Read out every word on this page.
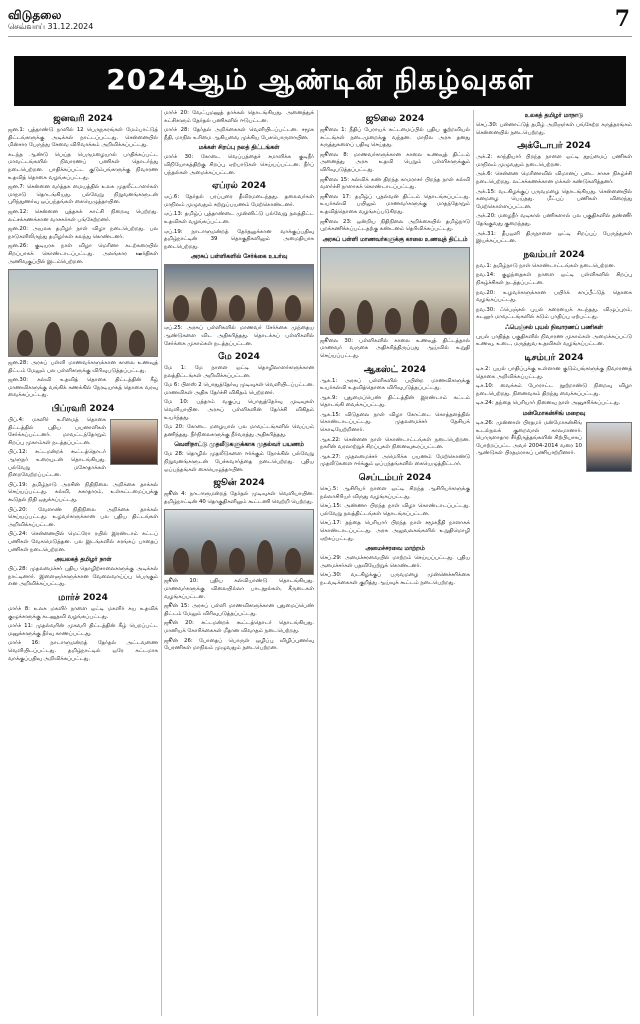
விடுதலை
செவ்வாய் 31.12.2024	7
2024ஆம் ஆண்டின் நிகழ்வுகள்
ஜனவரி 2024

ஜன.1: புத்தாண்டு நாளில் 12 பெருநகரங்கள் மேம்பாட்டுத் திட்டங்களுக்கு அடிக்கல் நாட்டப்பட்டது. சென்னையில் மின்சார பேருந்து சேவை விரிவாக்கம் அறிவிக்கப்பட்டது.

கடந்த ஆண்டு பெய்த பெருமழையால் பாதிக்கப்பட்ட மாவட்டங்களில் நிவாரணப் பணிகள் தொடர்ந்து நடைபெற்றன. பாதிக்கப்பட்ட குடும்பங்களுக்கு நிவாரண உதவித் தொகை வழங்கப்பட்டது.

ஜன.7: சென்னை வர்த்தக மையத்தில் உலக முதலீட்டாளர்கள் மாநாடு தொடங்கியது. பல்வேறு நிறுவனங்களுடன் புரிந்துணர்வு ஒப்பந்தங்கள் கையெழுத்தாயின.

ஜன.12: சென்னை புத்தகக் காட்சி நிறைவு பெற்றது. லட்சக்கணக்கான வாசகர்கள் பங்கேற்றனர்.

ஜன.20: அயலக தமிழர் நாள் விழா நடைபெற்றது. பல நாடுகளிலிருந்து தமிழர்கள் கலந்து கொண்டனர்.

ஜன.26: குடியரசு நாள் விழா மெரினா கடற்கரையில் சிறப்பாகக் கொண்டாடப்பட்டது. அலங்கார ஊர்திகள் அணிவகுப்பில் இடம்பெற்றன.

ஜன.28: அரசுப் பள்ளி மாணவர்களுக்கான காலை உணவுத் திட்டம் மேலும் பல பள்ளிகளுக்கு விரிவுபடுத்தப்பட்டது.

ஜன.30: கல்வி உதவித் தொகை திட்டத்தின் கீழ் மாணவிகளுக்கு வங்கிக் கணக்கில் நேரடியாகத் தொகை வரவு வைக்கப்பட்டது.

பிப்ரவரி 2024

பிப்.4: மகளிர் உரிமைத் தொகை திட்டத்தில் புதிய பயனாளிகள் சேர்க்கப்பட்டனர். மாவட்டந்தோறும் சிறப்பு முகாம்கள் நடத்தப்பட்டன.

பிப்.12: சட்டமன்றக் கூட்டத்தொடர் ஆளுநர் உரையுடன் தொடங்கியது. பல்வேறு மசோதாக்கள் நிறைவேற்றப்பட்டன.

பிப்.19: தமிழ்நாடு அரசின் நிதிநிலை அறிக்கை தாக்கல் செய்யப்பட்டது. கல்வி, சுகாதாரம், உள்கட்டமைப்புக்கு கூடுதல் நிதி ஒதுக்கப்பட்டது.

பிப்.20: வேளாண் நிதிநிலை அறிக்கை தாக்கல் செய்யப்பட்டது. உழவர்களுக்கான பல புதிய திட்டங்கள் அறிவிக்கப்பட்டன.

பிப்.24: சென்னையில் மெட்ரோ ரயில் இரண்டாம் கட்டப் பணிகள் வேகமெடுத்தன. பல இடங்களில் சுரங்கப் பாதைப் பணிகள் நடைபெற்றன.

அயலகத் தமிழர் நாள்

பிப்.28: முதலமைச்சர் புதிய தொழிற்சாலைகளுக்கு அடிக்கல் நாட்டினார். இளைஞர்களுக்கான வேலைவாய்ப்பு பெருகும் என அறிவிக்கப்பட்டது.

மார்ச் 2024

மார்ச் 8: உலக மகளிர் நாளை ஒட்டி மகளிர் சுய உதவிக் குழுக்களுக்கு கடனுதவி வழங்கப்பட்டது.

மார்ச் 11: முதல்வரின் முகவரி திட்டத்தின் கீழ் பெறப்பட்ட மனுக்களுக்கு தீர்வு காணப்பட்டது.

மார்ச் 16: நாடாளுமன்றத் தேர்தல் அட்டவணை வெளியிடப்பட்டது. தமிழ்நாட்டில் ஒரே கட்டமாக வாக்குப்பதிவு அறிவிக்கப்பட்டது.

மார்ச் 20: வேட்புமனுத் தாக்கல் தொடங்கியது. அனைத்துக் கட்சிகளும் தேர்தல் பணிகளில் ஈடுபட்டன.

மார்ச் 28: தேர்தல் அறிக்கைகள் வெளியிடப்பட்டன. சமூக நீதி, மாநில உரிமை ஆகியவை முக்கிய பேசுபொருளாயின.

மக்கள் சிறப்பு நலத் திட்டங்கள்

மார்ச் 30: கோடை வெப்பத்தைச் சமாளிக்க குடிநீர் விநியோகத்திற்கு சிறப்பு ஏற்பாடுகள் செய்யப்பட்டன. நீர்ப் பந்தல்கள் அமைக்கப்பட்டன.

ஏப்ரல் 2024

ஏப்.6: தேர்தல் பரப்புரை தீவிரமடைந்தது. தலைவர்கள் மாநிலம் முழுவதும் சுற்றுப்பயணம் மேற்கொண்டனர்.

ஏப்.13: தமிழ்ப் புத்தாண்டை முன்னிட்டு பல்வேறு நலத்திட்ட உதவிகள் வழங்கப்பட்டன.

ஏப்.19: நாடாளுமன்றத் தேர்தலுக்கான வாக்குப்பதிவு தமிழ்நாட்டின் 39 தொகுதிகளிலும் அமைதியாக நடைபெற்றது.

அரசுப் பள்ளிகளில் சேர்க்கை உயர்வு

ஏப்.25: அரசுப் பள்ளிகளில் மாணவர் சேர்க்கை முந்தைய ஆண்டுகளை விட அதிகரித்தது. தொடக்கப் பள்ளிகளில் சேர்க்கை முகாம்கள் நடத்தப்பட்டன.

மே 2024

மே 1: மே நாளை ஒட்டி தொழிலாளர்களுக்கான நலத்திட்டங்கள் அறிவிக்கப்பட்டன.

மே 6: பிளஸ் 2 பொதுத்தேர்வு முடிவுகள் வெளியிடப்பட்டன. மாணவிகள் அதிக தேர்ச்சி விகிதம் பெற்றனர்.

மே 10: பத்தாம் வகுப்பு பொதுத்தேர்வு முடிவுகள் வெளியாயின. அரசுப் பள்ளிகளின் தேர்ச்சி விகிதம் உயர்ந்தது.

மே 20: கோடை மழையால் பல மாவட்டங்களில் வெப்பம் தணிந்தது. நீர்நிலைகளுக்கு நீர்வரத்து அதிகரித்தது.

வெளிநாட்டு முதலீடுகளுக்காக முதல்வர் பயணம்

மே 28: தொழில் முதலீடுகளை ஈர்க்கும் நோக்கில் பல்வேறு நிறுவனங்களுடன் பேச்சுவார்த்தை நடைபெற்றது. புதிய ஒப்பந்தங்கள் கையெழுத்தாயின.

ஜூன் 2024

ஜூன் 4: நாடாளுமன்றத் தேர்தல் முடிவுகள் வெளியாயின. தமிழ்நாட்டின் 40 தொகுதிகளிலும் கூட்டணி வெற்றி பெற்றது.

ஜூன் 10: புதிய கல்வியாண்டு தொடங்கியது. மாணவர்களுக்கு விலையில்லா பாடநூல்கள், சீருடைகள் வழங்கப்பட்டன.

ஜூன் 15: அரசுப் பள்ளி மாணவிகளுக்கான புதுமைப்பெண் திட்டம் மேலும் விரிவுபடுத்தப்பட்டது.

ஜூன் 20: சட்டமன்றக் கூட்டத்தொடர் தொடங்கியது. மானியக் கோரிக்கைகள் மீதான விவாதம் நடைபெற்றது.

ஜூன் 26: போதைப் பொருள் ஒழிப்பு விழிப்புணர்வு பேரணிகள் மாநிலம் முழுவதும் நடைபெற்றன.

ஜூலை 2024

ஜூலை 1: நீதிப் பேராயக் கட்டமைப்பில் புதிய குற்றவியல் சட்டங்கள் நடைமுறைக்கு வந்தன. மாநில அரசு தனது கருத்துகளைப் பதிவு செய்தது.

ஜூலை 8: மாணவர்களுக்கான காலை உணவுத் திட்டம் அனைத்து அரசு உதவி பெறும் பள்ளிகளுக்கும் விரிவுபடுத்தப்பட்டது.

ஜூலை 15: கல்விக் கண் திறந்த காமராசர் பிறந்த நாள் கல்வி வளர்ச்சி நாளாகக் கொண்டாடப்பட்டது.

ஜூலை 17: தமிழ்ப் புதல்வன் திட்டம் தொடங்கப்பட்டது. உயர்கல்வி பயிலும் மாணவர்களுக்கு மாதந்தோறும் உதவித்தொகை வழங்கப்படுகிறது.

ஜூலை 23: ஒன்றிய நிதிநிலை அறிக்கையில் தமிழ்நாடு புறக்கணிக்கப்பட்டதற்கு கண்டனம் தெரிவிக்கப்பட்டது.

அரசுப் பள்ளி மாணவர்களுக்கு காலை உணவுத் திட்டம்

ஜூலை 30: பள்ளிகளில் காலை உணவுத் திட்டத்தால் மாணவர் வருகை அதிகரித்திருப்பது ஆய்வில் உறுதி செய்யப்பட்டது.

ஆகஸ்ட் 2024

ஆக.1: அரசுப் பள்ளிகளில் பயின்ற மாணவிகளுக்கு உயர்கல்வி உதவித்தொகை விரிவுபடுத்தப்பட்டது.

ஆக.9: புதுமைப்பெண் திட்டத்தின் இரண்டாம் கட்டம் தொடங்கி வைக்கப்பட்டது.

ஆக.15: விடுதலை நாள் விழா கோட்டை கொத்தளத்தில் கொண்டாடப்பட்டது. முதலமைச்சர் தேசியக் கொடியேற்றினார்.

ஆக.22: சென்னை நாள் கொண்டாட்டங்கள் நடைபெற்றன. நகரின் வரலாற்றுச் சிறப்புகள் நினைவுகூரப்பட்டன.

ஆக.27: முதலமைச்சர் அமெரிக்க பயணம் மேற்கொண்டு முதலீடுகளை ஈர்க்கும் ஒப்பந்தங்களில் கையெழுத்திட்டார்.

செப்டம்பர் 2024

செப்.5: ஆசிரியர் நாளை ஒட்டி சிறந்த ஆசிரியர்களுக்கு நல்லாசிரியர் விருது வழங்கப்பட்டது.

செப்.15: அண்ணா பிறந்த நாள் விழா கொண்டாடப்பட்டது. பல்வேறு நலத்திட்டங்கள் தொடங்கப்பட்டன.

செப்.17: தந்தை பெரியார் பிறந்த நாள் சமூகநீதி நாளாகக் கொண்டாடப்பட்டது. அரசு அலுவலகங்களில் உறுதிமொழி ஏற்கப்பட்டது.

அமைச்சரவை மாற்றம்

செப்.29: அமைச்சரவையில் மாற்றம் செய்யப்பட்டது. புதிய அமைச்சர்கள் பதவியேற்றுக் கொண்டனர்.

செப்.30: வடகிழக்குப் பருவமழை முன்னெச்சரிக்கை நடவடிக்கைகள் குறித்து ஆய்வுக் கூட்டம் நடைபெற்றது.

உலகத் தமிழர் மாநாடு

செப்.30: பன்னாட்டுத் தமிழ் அறிஞர்கள் பங்கேற்ற கருத்தரங்கம் சென்னையில் நடைபெற்றது.

அக்டோபர் 2024

அக்.2: காந்தியார் பிறந்த நாளை ஒட்டி தூய்மைப் பணிகள் மாநிலம் முழுவதும் நடைபெற்றன.

அக்.6: சென்னை மெரினாவில் விமானப் படை சாகச நிகழ்ச்சி நடைபெற்றது. லட்சக்கணக்கான மக்கள் கண்டுகளித்தனர்.

அக்.15: வடகிழக்குப் பருவமழை தொடங்கியது. சென்னையில் கனமழை பெய்தது. மீட்புப் பணிகள் விரைந்து மேற்கொள்ளப்பட்டன.

அக்.20: மழைநீர் வடிகால் பணிகளால் பல பகுதிகளில் தண்ணீர் தேங்குவது குறைந்தது.

அக்.31: தீபஒளி திருநாளை ஒட்டி சிறப்புப் பேருந்துகள் இயக்கப்பட்டன.

நவம்பர் 2024

நவ.1: தமிழ்நாடு நாள் கொண்டாட்டங்கள் நடைபெற்றன.

நவ.14: குழந்தைகள் நாளை ஒட்டி பள்ளிகளில் சிறப்பு நிகழ்ச்சிகள் நடத்தப்பட்டன.

நவ.20: உழவர்களுக்கான பயிர்க் காப்பீட்டுத் தொகை வழங்கப்பட்டது.

நவ.30: ஃபெஞ்சல் புயல் கரையைக் கடந்தது. விழுப்புரம், கடலூர் மாவட்டங்களில் கடும் பாதிப்பு ஏற்பட்டது.

ஃபெஞ்சல் புயல் நிவாரணப் பணிகள்

புயல் பாதித்த பகுதிகளில் நிவாரண முகாம்கள் அமைக்கப்பட்டு உணவு, உடை, மருத்துவ உதவிகள் வழங்கப்பட்டன.

டிசம்பர் 2024

டிச.2: புயல் பாதிப்புக்கு உள்ளான குடும்பங்களுக்கு நிவாரணத் தொகை அறிவிக்கப்பட்டது.

டிச.10: வைக்கம் போராட்ட நூற்றாண்டு நிறைவு விழா நடைபெற்றது. நினைவகம் திறந்து வைக்கப்பட்டது.

டிச.24: தந்தை பெரியார் நினைவு நாள் அனுசரிக்கப்பட்டது.

மன்மோகன்சிங் மறைவு

டிச.26: முன்னாள் பிரதமர் மன்மோகன்சிங் உடல்நலக் குறைவால் காலமானார். பொருளாதார சீர்திருத்தங்களின் சிற்பியாகப் போற்றப்பட்ட அவர் 2004-2014 வரை 10 ஆண்டுகள் பிரதமராகப் பணியாற்றினார்.
